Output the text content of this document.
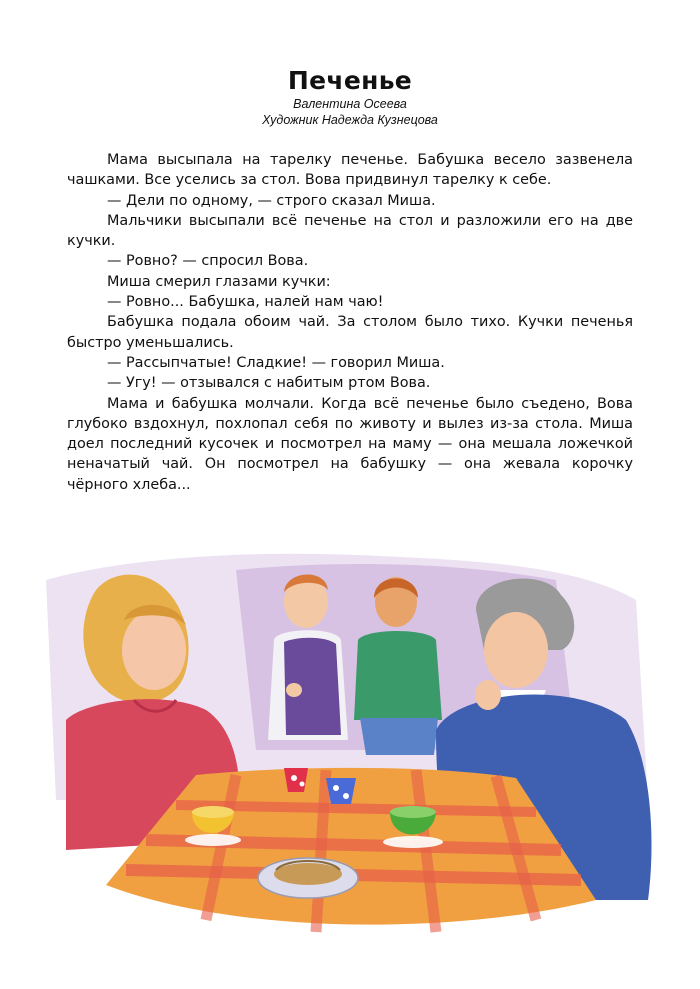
Печенье

Валентина Осеева

Художник Надежда Кузнецова

Мама высыпала на тарелку печенье. Бабушка весело зазвенела чашками. Все уселись за стол. Вова придвинул тарелку к себе.

— Дели по одному, — строго сказал Миша.

Мальчики высыпали всё печенье на стол и разложили его на две кучки.

— Ровно? — спросил Вова.

Миша смерил глазами кучки:

— Ровно... Бабушка, налей нам чаю!

Бабушка подала обоим чай. За столом было тихо. Кучки печенья быстро уменьшались.

— Рассыпчатые! Сладкие! — говорил Миша.

— Угу! — отзывался с набитым ртом Вова.

Мама и бабушка молчали. Когда всё печенье было съедено, Вова глубоко вздохнул, похлопал себя по животу и вылез из-за стола. Миша доел последний кусочек и посмотрел на маму — она мешала ложечкой неначатый чай. Он посмотрел на бабушку — она жевала корочку чёрного хлеба...
